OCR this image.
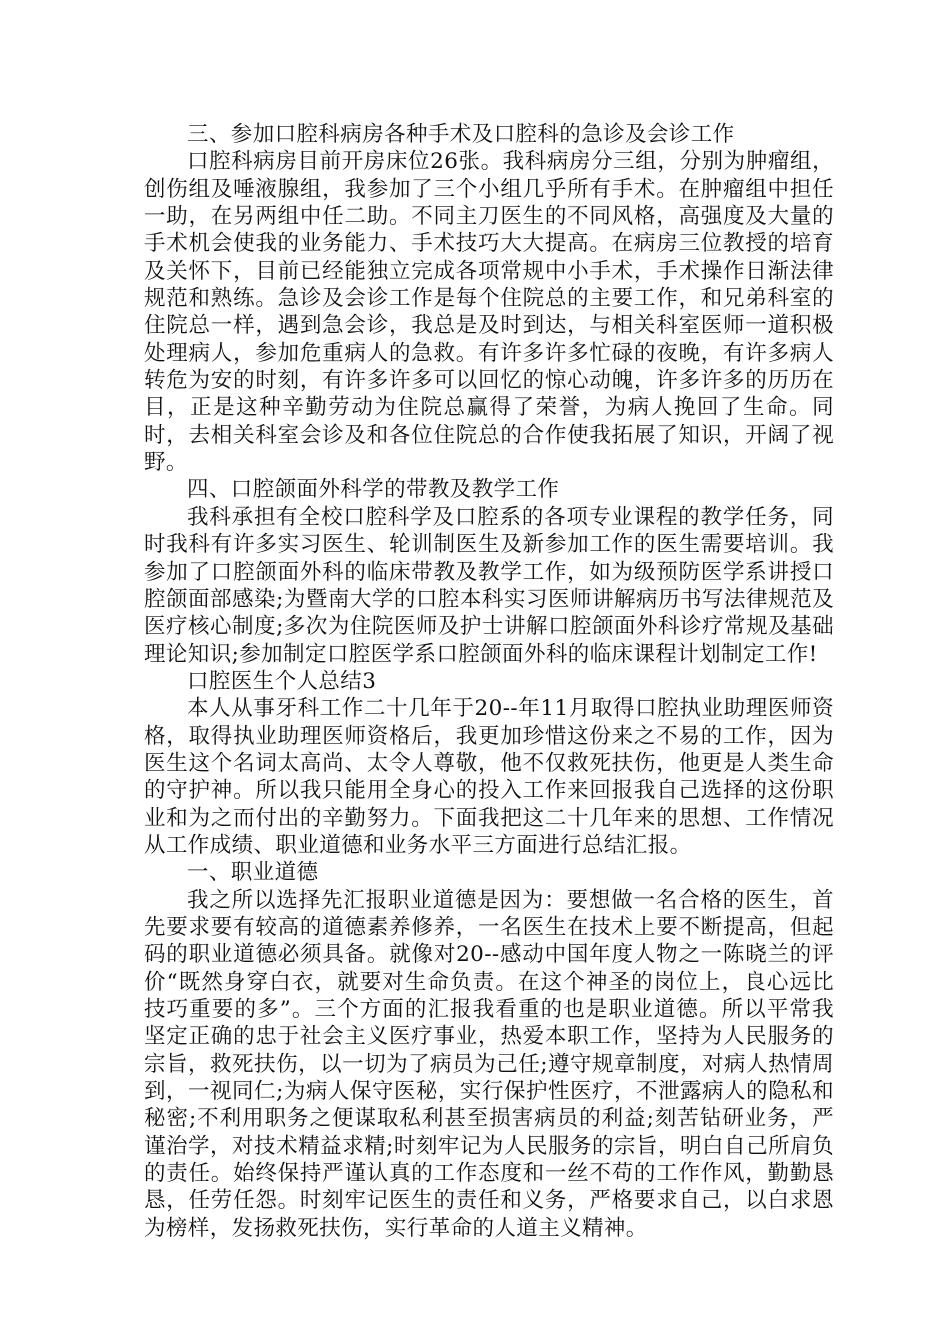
三、参加口腔科病房各种手术及口腔科的急诊及会诊工作

口腔科病房目前开房床位26张。我科病房分三组，分别为肿瘤组，创伤组及唾液腺组，我参加了三个小组几乎所有手术。在肿瘤组中担任一助，在另两组中任二助。不同主刀医生的不同风格，高强度及大量的手术机会使我的业务能力、手术技巧大大提高。在病房三位教授的培育及关怀下，目前已经能独立完成各项常规中小手术，手术操作日渐法律规范和熟练。急诊及会诊工作是每个住院总的主要工作，和兄弟科室的住院总一样，遇到急会诊，我总是及时到达，与相关科室医师一道积极处理病人，参加危重病人的急救。有许多许多忙碌的夜晚，有许多病人转危为安的时刻，有许多许多可以回忆的惊心动魄，许多许多的历历在目，正是这种辛勤劳动为住院总赢得了荣誉，为病人挽回了生命。同时，去相关科室会诊及和各位住院总的合作使我拓展了知识，开阔了视野。

四、口腔颌面外科学的带教及教学工作

我科承担有全校口腔科学及口腔系的各项专业课程的教学任务，同时我科有许多实习医生、轮训制医生及新参加工作的医生需要培训。我参加了口腔颌面外科的临床带教及教学工作，如为级预防医学系讲授口腔颌面部感染;为暨南大学的口腔本科实习医师讲解病历书写法律规范及医疗核心制度;多次为住院医师及护士讲解口腔颌面外科诊疗常规及基础理论知识;参加制定口腔医学系口腔颌面外科的临床课程计划制定工作!

口腔医生个人总结3

本人从事牙科工作二十几年于20--年11月取得口腔执业助理医师资格，取得执业助理医师资格后，我更加珍惜这份来之不易的工作，因为医生这个名词太高尚、太令人尊敬，他不仅救死扶伤，他更是人类生命的守护神。所以我只能用全身心的投入工作来回报我自己选择的这份职业和为之而付出的辛勤努力。下面我把这二十几年来的思想、工作情况从工作成绩、职业道德和业务水平三方面进行总结汇报。

一、职业道德

我之所以选择先汇报职业道德是因为：要想做一名合格的医生，首先要求要有较高的道德素养修养，一名医生在技术上要不断提高，但起码的职业道德必须具备。就像对20--感动中国年度人物之一陈晓兰的评价“既然身穿白衣，就要对生命负责。在这个神圣的岗位上，良心远比技巧重要的多”。三个方面的汇报我看重的也是职业道德。所以平常我坚定正确的忠于社会主义医疗事业，热爱本职工作，坚持为人民服务的宗旨，救死扶伤，以一切为了病员为己任;遵守规章制度，对病人热情周到，一视同仁;为病人保守医秘，实行保护性医疗，不泄露病人的隐私和秘密;不利用职务之便谋取私利甚至损害病员的利益;刻苦钻研业务，严谨治学，对技术精益求精;时刻牢记为人民服务的宗旨，明白自己所肩负的责任。始终保持严谨认真的工作态度和一丝不苟的工作作风，勤勤恳恳，任劳任怨。时刻牢记医生的责任和义务，严格要求自己，以白求恩为榜样，发扬救死扶伤，实行革命的人道主义精神。
